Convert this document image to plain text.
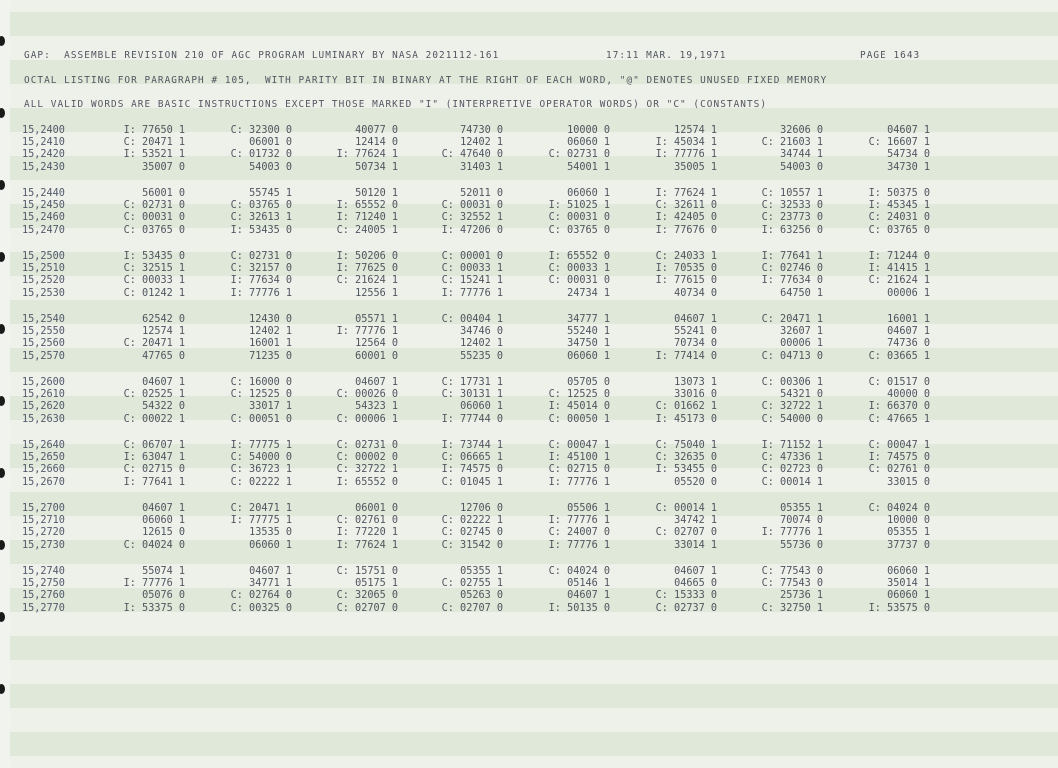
GAP:  ASSEMBLE REVISION 210 OF AGC PROGRAM LUMINARY BY NASA 2021112-161	17:11 MAR. 19,1971	PAGE 1643
OCTAL LISTING FOR PARAGRAPH # 105,  WITH PARITY BIT IN BINARY AT THE RIGHT OF EACH WORD, "@" DENOTES UNUSED FIXED MEMORY
ALL VALID WORDS ARE BASIC INSTRUCTIONS EXCEPT THOSE MARKED "I" (INTERPRETIVE OPERATOR WORDS) OR "C" (CONSTANTS)
15,2400	I: 77650 1	C: 32300 0	40077 0	74730 0	10000 0	12574 1	32606 0	04607 1
15,2410	C: 20471 1	06001 0	12414 0	12402 1	06060 1	I: 45034 1	C: 21603 1	C: 16607 1
15,2420	I: 53521 1	C: 01732 0	I: 77624 1	C: 47640 0	C: 02731 0	I: 77776 1	34744 1	54734 0
15,2430	35007 0	54003 0	50734 1	31403 1	54001 1	35005 1	54003 0	34730 1
15,2440	56001 0	55745 1	50120 1	52011 0	06060 1	I: 77624 1	C: 10557 1	I: 50375 0
15,2450	C: 02731 0	C: 03765 0	I: 65552 0	C: 00031 0	I: 51025 1	C: 32611 0	C: 32533 0	I: 45345 1
15,2460	C: 00031 0	C: 32613 1	I: 71240 1	C: 32552 1	C: 00031 0	I: 42405 0	C: 23773 0	C: 24031 0
15,2470	C: 03765 0	I: 53435 0	C: 24005 1	I: 47206 0	C: 03765 0	I: 77676 0	I: 63256 0	C: 03765 0
15,2500	I: 53435 0	C: 02731 0	I: 50206 0	C: 00001 0	I: 65552 0	C: 24033 1	I: 77641 1	I: 71244 0
15,2510	C: 32515 1	C: 32157 0	I: 77625 0	C: 00033 1	C: 00033 1	I: 70535 0	C: 02746 0	I: 41415 1
15,2520	C: 00033 1	I: 77634 0	C: 21624 1	C: 15241 1	C: 00031 0	I: 77615 0	I: 77634 0	C: 21624 1
15,2530	C: 01242 1	I: 77776 1	12556 1	I: 77776 1	24734 1	40734 0	64750 1	00006 1
15,2540	62542 0	12430 0	05571 1	C: 00404 1	34777 1	04607 1	C: 20471 1	16001 1
15,2550	12574 1	12402 1	I: 77776 1	34746 0	55240 1	55241 0	32607 1	04607 1
15,2560	C: 20471 1	16001 1	12564 0	12402 1	34750 1	70734 0	00006 1	74736 0
15,2570	47765 0	71235 0	60001 0	55235 0	06060 1	I: 77414 0	C: 04713 0	C: 03665 1
15,2600	04607 1	C: 16000 0	04607 1	C: 17731 1	05705 0	13073 1	C: 00306 1	C: 01517 0
15,2610	C: 02525 1	C: 12525 0	C: 00026 0	C: 30131 1	C: 12525 0	33016 0	54321 0	40000 0
15,2620	54322 0	33017 1	54323 1	06060 1	I: 45014 0	C: 01662 1	C: 32722 1	I: 66370 0
15,2630	C: 00022 1	C: 00051 0	C: 00006 1	I: 77744 0	C: 00050 1	I: 45173 0	C: 54000 0	C: 47665 1
15,2640	C: 06707 1	I: 77775 1	C: 02731 0	I: 73744 1	C: 00047 1	C: 75040 1	I: 71152 1	C: 00047 1
15,2650	I: 63047 1	C: 54000 0	C: 00002 0	C: 06665 1	I: 45100 1	C: 32635 0	C: 47336 1	I: 74575 0
15,2660	C: 02715 0	C: 36723 1	C: 32722 1	I: 74575 0	C: 02715 0	I: 53455 0	C: 02723 0	C: 02761 0
15,2670	I: 77641 1	C: 02222 1	I: 65552 0	C: 01045 1	I: 77776 1	05520 0	C: 00014 1	33015 0
15,2700	04607 1	C: 20471 1	06001 0	12706 0	05506 1	C: 00014 1	05355 1	C: 04024 0
15,2710	06060 1	I: 77775 1	C: 02761 0	C: 02222 1	I: 77776 1	34742 1	70074 0	10000 0
15,2720	12615 0	13535 0	I: 77220 1	C: 02745 0	C: 24007 0	C: 02707 0	I: 77776 1	05355 1
15,2730	C: 04024 0	06060 1	I: 77624 1	C: 31542 0	I: 77776 1	33014 1	55736 0	37737 0
15,2740	55074 1	04607 1	C: 15751 0	05355 1	C: 04024 0	04607 1	C: 77543 0	06060 1
15,2750	I: 77776 1	34771 1	05175 1	C: 02755 1	05146 1	04665 0	C: 77543 0	35014 1
15,2760	05076 0	C: 02764 0	C: 32065 0	05263 0	04607 1	C: 15333 0	25736 1	06060 1
15,2770	I: 53375 0	C: 00325 0	C: 02707 0	C: 02707 0	I: 50135 0	C: 02737 0	C: 32750 1	I: 53575 0
